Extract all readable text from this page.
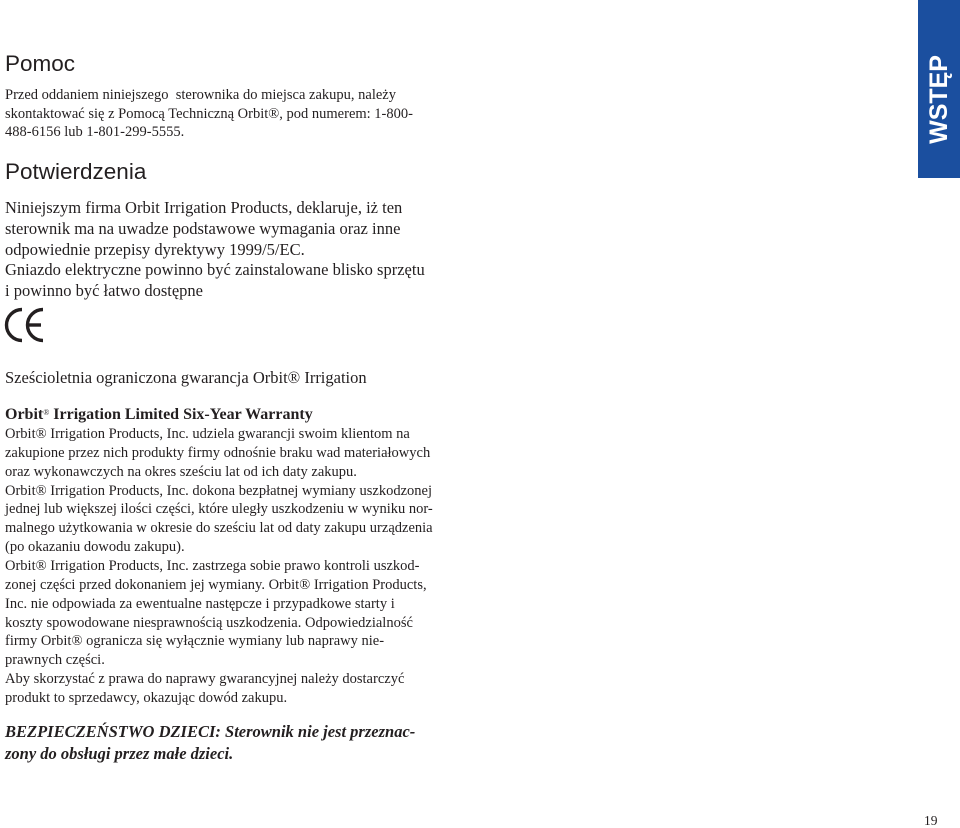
WSTĘP
Pomoc
Przed oddaniem niniejszego  sterownika do miejsca zakupu, należy
skontaktować się z Pomocą Techniczną Orbit®, pod numerem: 1-800-
488-6156 lub 1-801-299-5555.
Potwierdzenia
Niniejszym firma Orbit Irrigation Products, deklaruje, iż ten
sterownik ma na uwadze podstawowe wymagania oraz inne
odpowiednie przepisy dyrektywy 1999/5/EC.
Gniazdo elektryczne powinno być zainstalowane blisko sprzętu
i powinno być łatwo dostępne
Sześcioletnia ograniczona gwarancja Orbit® Irrigation
Orbit® Irrigation Limited Six-Year Warranty
Orbit® Irrigation Products, Inc. udziela gwarancji swoim klientom na
zakupione przez nich produkty firmy odnośnie braku wad materiałowych
oraz wykonawczych na okres sześciu lat od ich daty zakupu.
Orbit® Irrigation Products, Inc. dokona bezpłatnej wymiany uszkodzonej
jednej lub większej ilości części, które uległy uszkodzeniu w wyniku nor-
malnego użytkowania w okresie do sześciu lat od daty zakupu urządzenia
(po okazaniu dowodu zakupu).
Orbit® Irrigation Products, Inc. zastrzega sobie prawo kontroli uszkod-
zonej części przed dokonaniem jej wymiany. Orbit® Irrigation Products,
Inc. nie odpowiada za ewentualne następcze i przypadkowe starty i
koszty spowodowane niesprawnością uszkodzenia. Odpowiedzialność
firmy Orbit® ogranicza się wyłącznie wymiany lub naprawy nie-
prawnych części.
Aby skorzystać z prawa do naprawy gwarancyjnej należy dostarczyć
produkt to sprzedawcy, okazując dowód zakupu.
BEZPIECZEŃSTWO DZIECI: Sterownik nie jest przeznac-
zony do obsługi przez małe dzieci.
19
